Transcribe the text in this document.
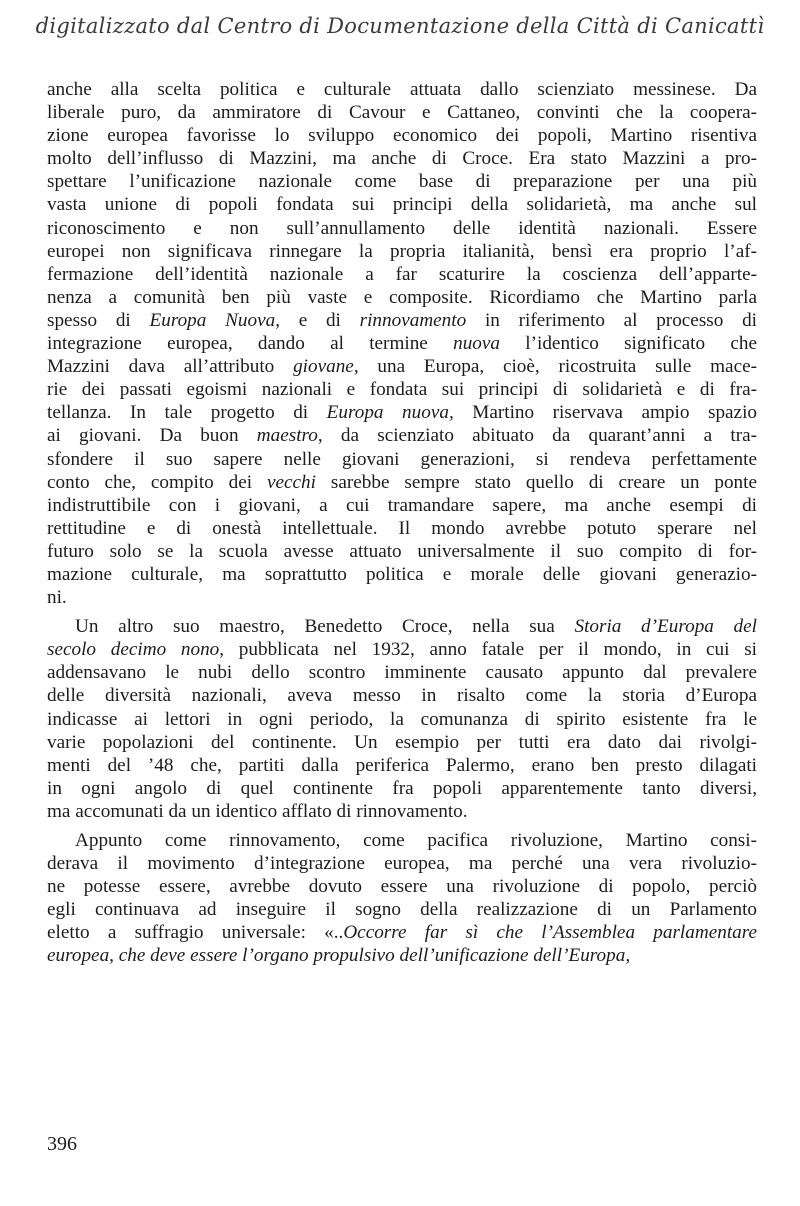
digitalizzato dal Centro di Documentazione della Città di Canicattì
anche alla scelta politica e culturale attuata dallo scienziato messinese. Da
liberale puro, da ammiratore di Cavour e Cattaneo, convinti che la coopera-
zione europea favorisse lo sviluppo economico dei popoli, Martino risentiva
molto dell’influsso di Mazzini, ma anche di Croce. Era stato Mazzini a pro-
spettare l’unificazione nazionale come base di preparazione per una più
vasta unione di popoli fondata sui principi della solidarietà, ma anche sul
riconoscimento e non sull’annullamento delle identità nazionali. Essere
europei non significava rinnegare la propria italianità, bensì era proprio l’af-
fermazione dell’identità nazionale a far scaturire la coscienza dell’apparte-
nenza a comunità ben più vaste e composite. Ricordiamo che Martino parla
spesso di Europa Nuova, e di rinnovamento in riferimento al processo di
integrazione europea, dando al termine nuova l’identico significato che
Mazzini dava all’attributo giovane, una Europa, cioè, ricostruita sulle mace-
rie dei passati egoismi nazionali e fondata sui principi di solidarietà e di fra-
tellanza. In tale progetto di Europa nuova, Martino riservava ampio spazio
ai giovani. Da buon maestro, da scienziato abituato da quarant’anni a tra-
sfondere il suo sapere nelle giovani generazioni, si rendeva perfettamente
conto che, compito dei vecchi sarebbe sempre stato quello di creare un ponte
indistruttibile con i giovani, a cui tramandare sapere, ma anche esempi di
rettitudine e di onestà intellettuale. Il mondo avrebbe potuto sperare nel
futuro solo se la scuola avesse attuato universalmente il suo compito di for-
mazione culturale, ma soprattutto politica e morale delle giovani generazio-
ni.
Un altro suo maestro, Benedetto Croce, nella sua Storia d’Europa del
secolo decimo nono, pubblicata nel 1932, anno fatale per il mondo, in cui si
addensavano le nubi dello scontro imminente causato appunto dal prevalere
delle diversità nazionali, aveva messo in risalto come la storia d’Europa
indicasse ai lettori in ogni periodo, la comunanza di spirito esistente fra le
varie popolazioni del continente. Un esempio per tutti era dato dai rivolgi-
menti del ’48 che, partiti dalla periferica Palermo, erano ben presto dilagati
in ogni angolo di quel continente fra popoli apparentemente tanto diversi,
ma accomunati da un identico afflato di rinnovamento.
Appunto come rinnovamento, come pacifica rivoluzione, Martino consi-
derava il movimento d’integrazione europea, ma perché una vera rivoluzio-
ne potesse essere, avrebbe dovuto essere una rivoluzione di popolo, perciò
egli continuava ad inseguire il sogno della realizzazione di un Parlamento
eletto a suffragio universale: «..Occorre far sì che l’Assemblea parlamentare
europea, che deve essere l’organo propulsivo dell’unificazione dell’Europa,
396
